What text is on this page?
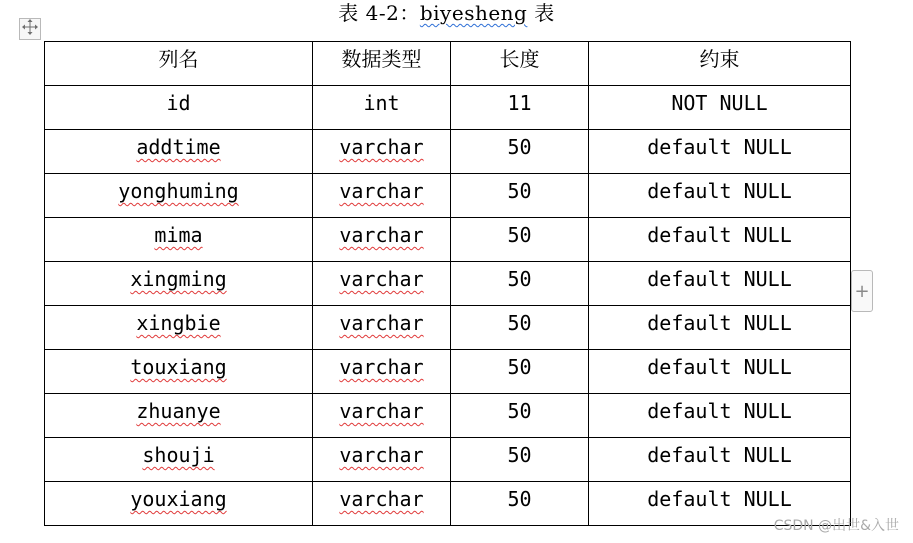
表 4-2：biyesheng 表
列名	数据类型	长度	约束
id	int	11	NOT NULL
addtime	varchar	50	default NULL
yonghuming	varchar	50	default NULL
mima	varchar	50	default NULL
xingming	varchar	50	default NULL
xingbie	varchar	50	default NULL
touxiang	varchar	50	default NULL
zhuanye	varchar	50	default NULL
shouji	varchar	50	default NULL
youxiang	varchar	50	default NULL
+
CSDN @出世&入世
